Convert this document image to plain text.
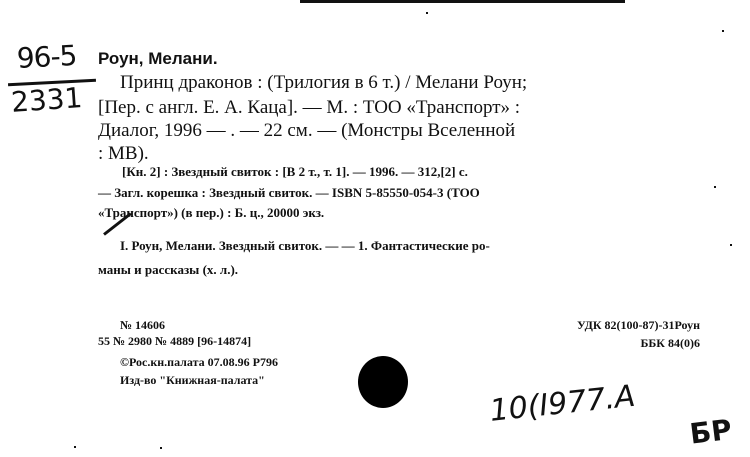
96-5
2331
Роун, Мелани.
Принц драконов : (Трилогия в 6 т.) / Мелани Роун;
[Пер. с англ. Е. А. Каца]. — М. : ТОО «Транспорт» :
Диалог, 1996 — . — 22 см. — (Монстры Вселенной
: МВ).
[Кн. 2] : Звездный свиток : [В 2 т., т. 1]. — 1996. — 312,[2] с.
— Загл. корешка : Звездный свиток. — ISBN 5-85550-054-3 (ТОО
«Транспорт») (в пер.) : Б. ц., 20000 экз.
I. Роун, Мелани. Звездный свиток. — — 1. Фантастические ро-
маны и рассказы (х. л.).
№ 14606
55 № 2980 № 4889 [96-14874]
©Рос.кн.палата 07.08.96 Р796
Изд-во "Книжная-палата"
УДК 82(100-87)-31Роун
ББК 84(0)6
10(I977.А
БР
